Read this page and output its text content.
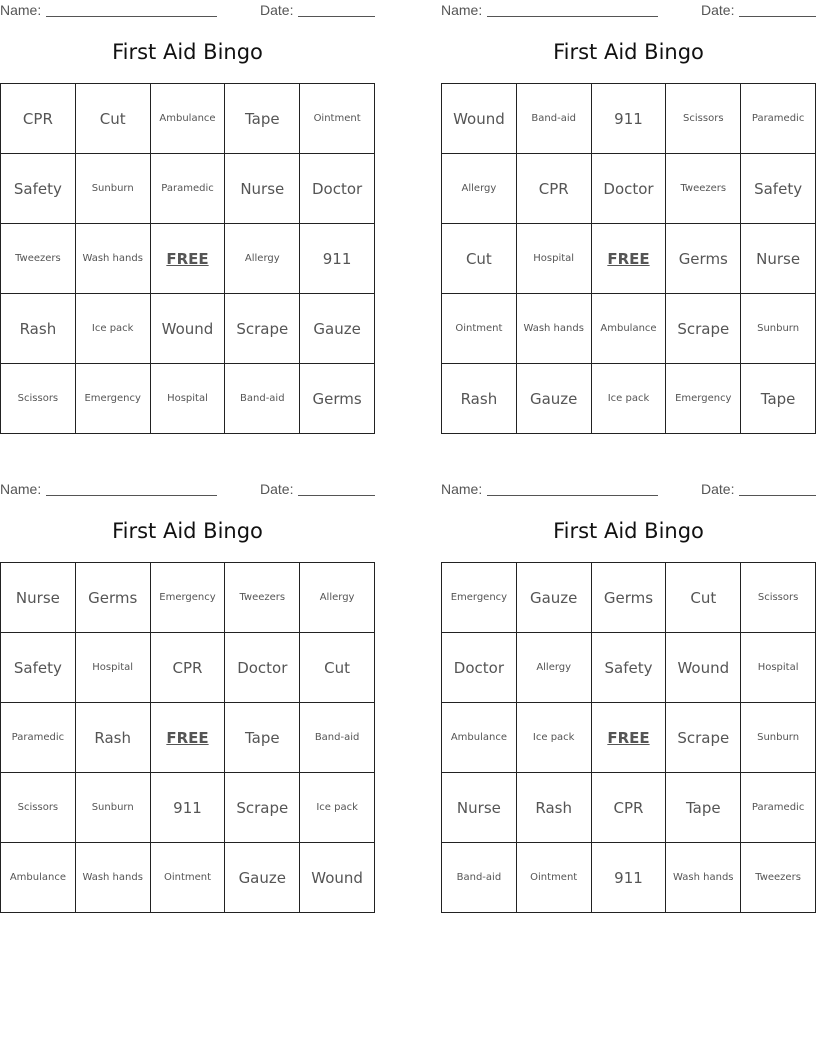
Name:	Date:
First Aid Bingo
CPR	Cut	Ambulance	Tape	Ointment
Safety	Sunburn	Paramedic	Nurse	Doctor
Tweezers	Wash hands	FREE	Allergy	911
Rash	Ice pack	Wound	Scrape	Gauze
Scissors	Emergency	Hospital	Band-aid	Germs
Name:	Date:
First Aid Bingo
Wound	Band-aid	911	Scissors	Paramedic
Allergy	CPR	Doctor	Tweezers	Safety
Cut	Hospital	FREE	Germs	Nurse
Ointment	Wash hands	Ambulance	Scrape	Sunburn
Rash	Gauze	Ice pack	Emergency	Tape
Name:	Date:
First Aid Bingo
Nurse	Germs	Emergency	Tweezers	Allergy
Safety	Hospital	CPR	Doctor	Cut
Paramedic	Rash	FREE	Tape	Band-aid
Scissors	Sunburn	911	Scrape	Ice pack
Ambulance	Wash hands	Ointment	Gauze	Wound
Name:	Date:
First Aid Bingo
Emergency	Gauze	Germs	Cut	Scissors
Doctor	Allergy	Safety	Wound	Hospital
Ambulance	Ice pack	FREE	Scrape	Sunburn
Nurse	Rash	CPR	Tape	Paramedic
Band-aid	Ointment	911	Wash hands	Tweezers
